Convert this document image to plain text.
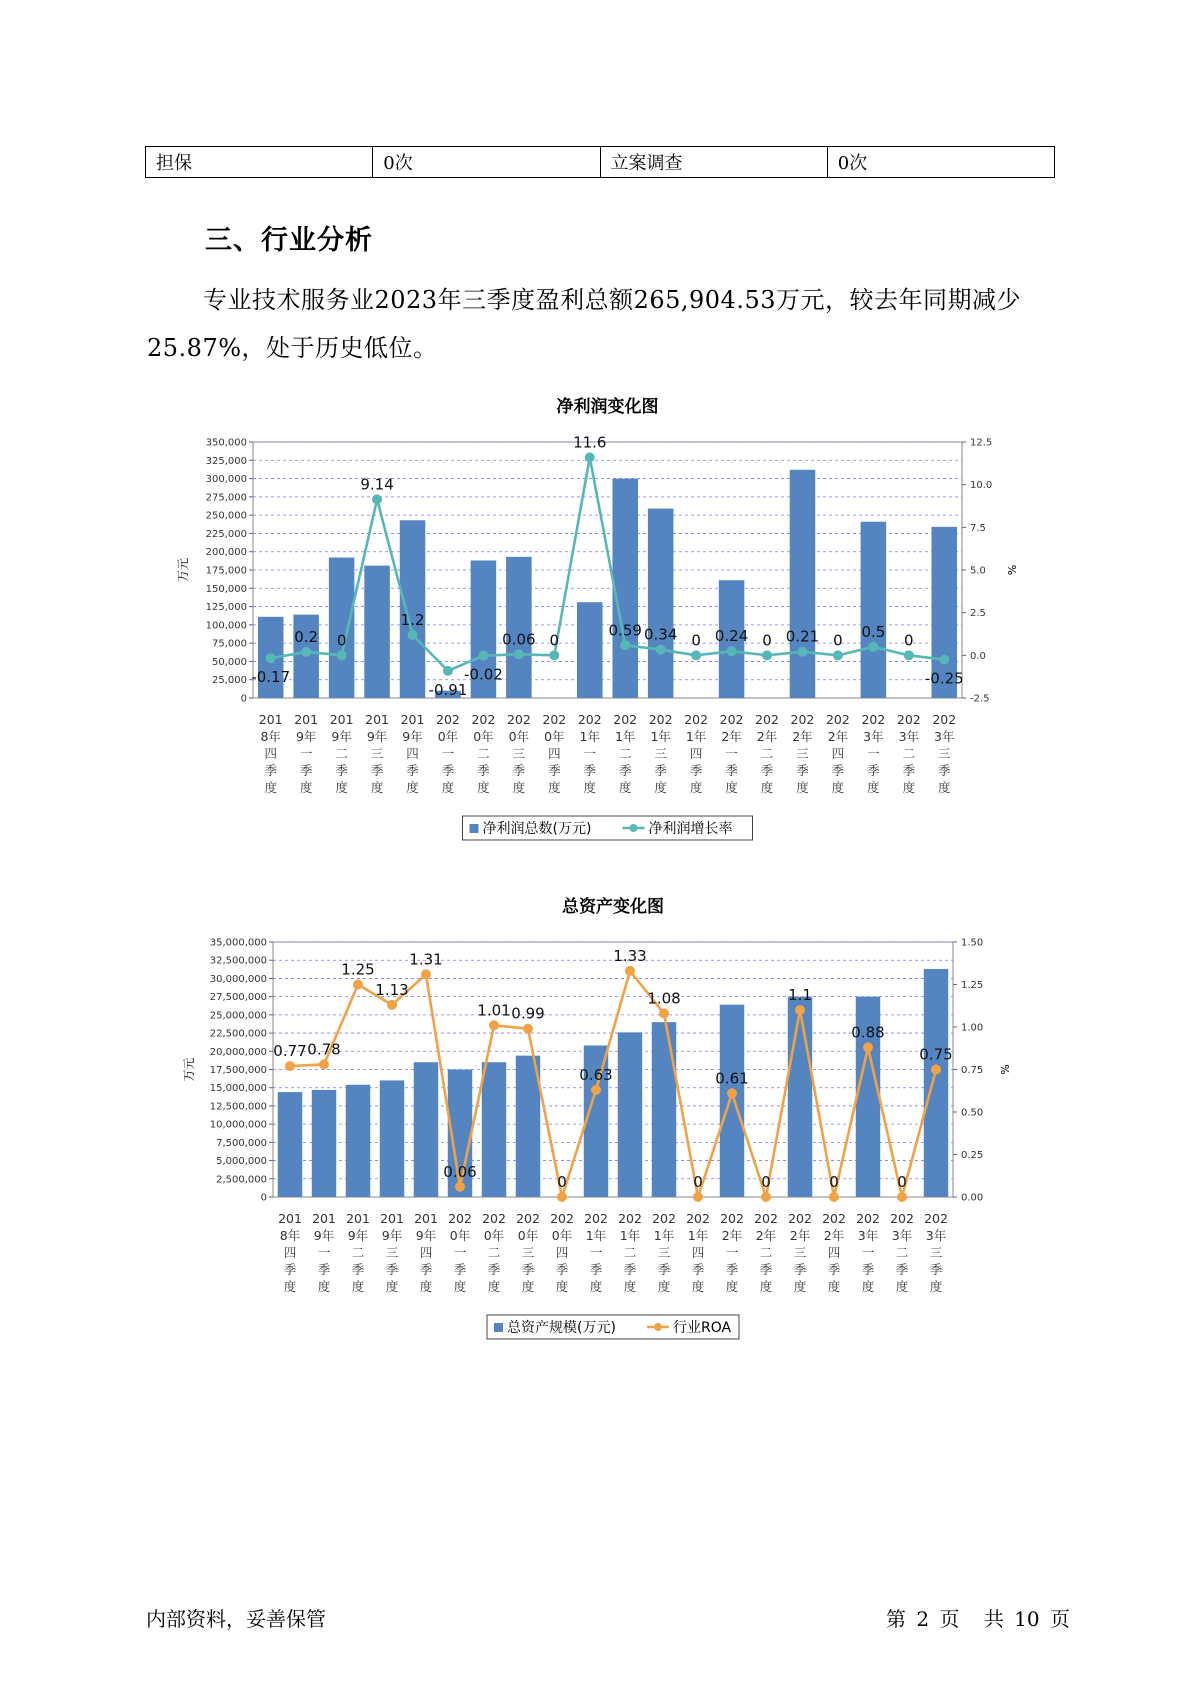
担保	0次	立案调查	0次
三、行业分析

专业技术服务业2023年三季度盈利总额265,904.53万元，较去年同期减少25.87%，处于历史低位。

净利润变化图
0
25,000
50,000
75,000
100,000
125,000
150,000
175,000
200,000
225,000
250,000
275,000
300,000
325,000
350,000
-2.5
0.0
2.5
5.0
7.5
10.0
12.5
万元	%
-0.17
0.2 0
9.14
1.2
-0.91
-0.02
0.06 0
11.6
0.59 0.34 0 0.24 0 0.21 0 0.5 0
-0.25
201
8年
四
季
度
201
9年
一
季
度
201
9年
二
季
度
201
9年
三
季
度
201
9年
四
季
度
202
0年
一
季
度
202
0年
二
季
度
202
0年
三
季
度
202
0年
四
季
度
202
1年
一
季
度
202
1年
二
季
度
202
1年
三
季
度
202
1年
四
季
度
202
2年
一
季
度
202
2年
二
季
度
202
2年
三
季
度
202
2年
四
季
度
202
3年
一
季
度
202
3年
二
季
度
202
3年
三
季
度
净利润总数(万元)	净利润增长率
总资产变化图
0
2,500,000
5,000,000
7,500,000
10,000,000
12,500,000
15,000,000
17,500,000
20,000,000
22,500,000
25,000,000
27,500,000
30,000,000
32,500,000
35,000,000
0.00
0.25
0.50
0.75
1.00
1.25
1.50
万元	%
0.77 0.78
1.25
1.13
1.31
0.06
1.01 0.99
0
0.63
1.33
1.08
0
0.61
0
1.1
0
0.88
0
0.75
201
8年
四
季
度
201
9年
一
季
度
201
9年
二
季
度
201
9年
三
季
度
201
9年
四
季
度
202
0年
一
季
度
202
0年
二
季
度
202
0年
三
季
度
202
0年
四
季
度
202
1年
一
季
度
202
1年
二
季
度
202
1年
三
季
度
202
1年
四
季
度
202
2年
一
季
度
202
2年
二
季
度
202
2年
三
季
度
202
2年
四
季
度
202
3年
一
季
度
202
3年
二
季
度
202
3年
三
季
度
总资产规模(万元)	行业ROA
内部资料，妥善保管	第 2 页 共 10 页
